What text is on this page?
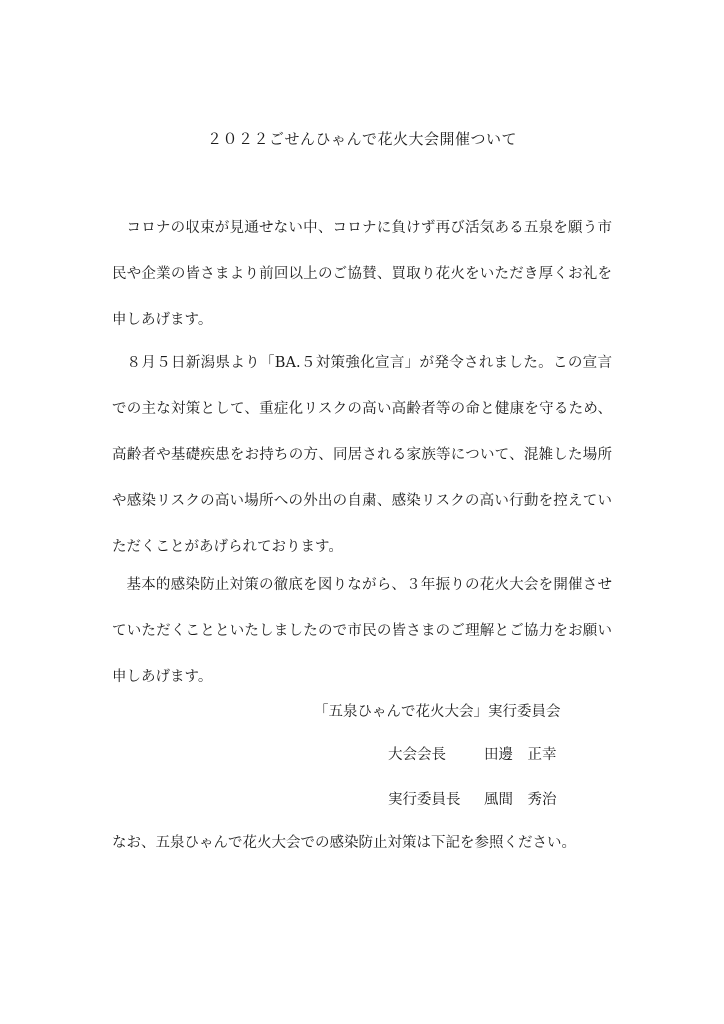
２０２２ごせんひゃんで花火大会開催ついて

コロナの収束が見通せない中、コロナに負けず再び活気ある五泉を願う市民や企業の皆さまより前回以上のご協賛、買取り花火をいただき厚くお礼を申しあげます。

８月５日新潟県より「BA.５対策強化宣言」が発令されました。この宣言での主な対策として、重症化リスクの高い高齢者等の命と健康を守るため、高齢者や基礎疾患をお持ちの方、同居される家族等について、混雑した場所や感染リスクの高い場所への外出の自粛、感染リスクの高い行動を控えていただくことがあげられております。

基本的感染防止対策の徹底を図りながら、３年振りの花火大会を開催させていただくことといたしましたので市民の皆さまのご理解とご協力をお願い申しあげます。

「五泉ひゃんで花火大会」実行委員会
大会会長	田邊　正幸
実行委員長 風間　秀治
なお、五泉ひゃんで花火大会での感染防止対策は下記を参照ください。
